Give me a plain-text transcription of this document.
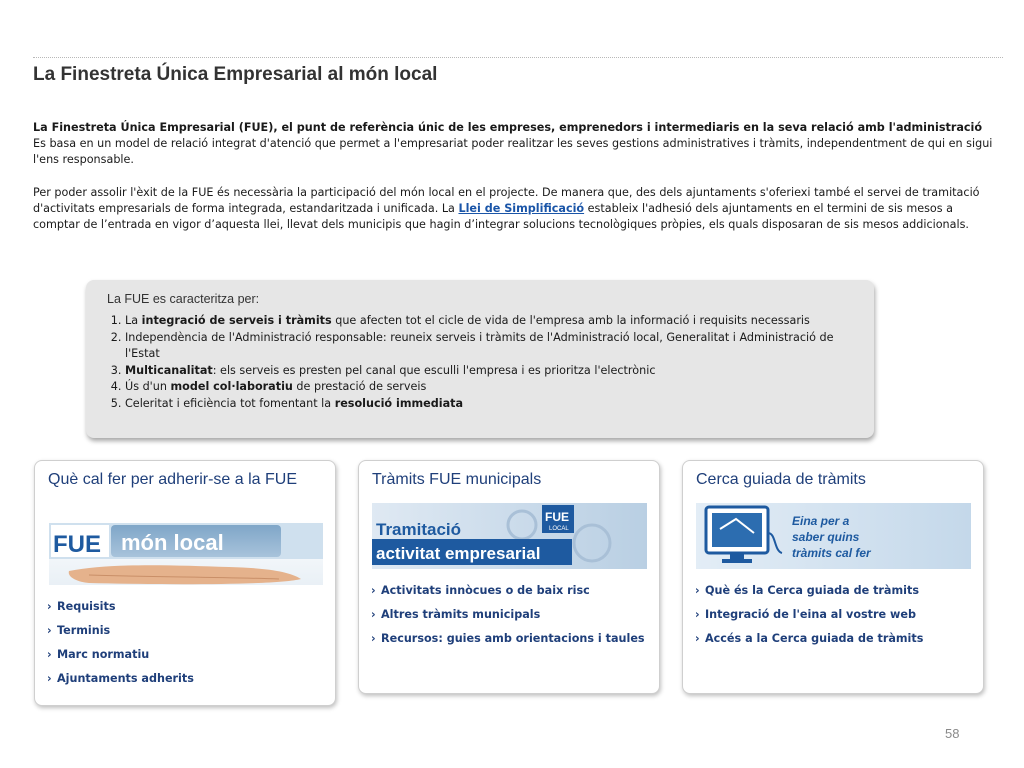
La Finestreta Única Empresarial al món local

La Finestreta Única Empresarial (FUE), el punt de referència únic de les empreses, emprenedors i intermediaris en la seva relació amb l'administració
Es basa en un model de relació integrat d'atenció que permet a l'empresariat poder realitzar les seves gestions administratives i tràmits, independentment de qui en sigui l'ens responsable.

Per poder assolir l'èxit de la FUE és necessària la participació del món local en el projecte. De manera que, des dels ajuntaments s'oferiexi també el servei de tramitació d'activitats empresarials de forma integrada, estandaritzada i unificada. La Llei de Simplificació estableix l'adhesió dels ajuntaments en el termini de sis mesos a comptar de l’entrada en vigor d’aquesta llei, llevat dels municipis que hagin d’integrar solucions tecnològiques pròpies, els quals disposaran de sis mesos addicionals.

La FUE es caracteritza per:
1. La integració de serveis i tràmits que afecten tot el cicle de vida de l'empresa amb la informació i requisits necessaris
2. Independència de l'Administració responsable: reuneix serveis i tràmits de l'Administració local, Generalitat i Administració de l'Estat
3. Multicanalitat: els serveis es presten pel canal que esculli l'empresa i es prioritza l'electrònic
4. Ús d'un model col·laboratiu de prestació de serveis
5. Celeritat i eficiència tot fomentant la resolució immediata
Què cal fer per adherir-se a la FUE
FUE món local
› Requisits
› Terminis
› Marc normatiu
› Ajuntaments adherits
Tràmits FUE municipals
Tramitació
activitat empresarial
FUE
LOCAL
› Activitats innòcues o de baix risc
› Altres tràmits municipals
› Recursos: guies amb orientacions i taules
Cerca guiada de tràmits
Eina per a
saber quins
tràmits cal fer
› Què és la Cerca guiada de tràmits
› Integració de l'eina al vostre web
› Accés a la Cerca guiada de tràmits
58
